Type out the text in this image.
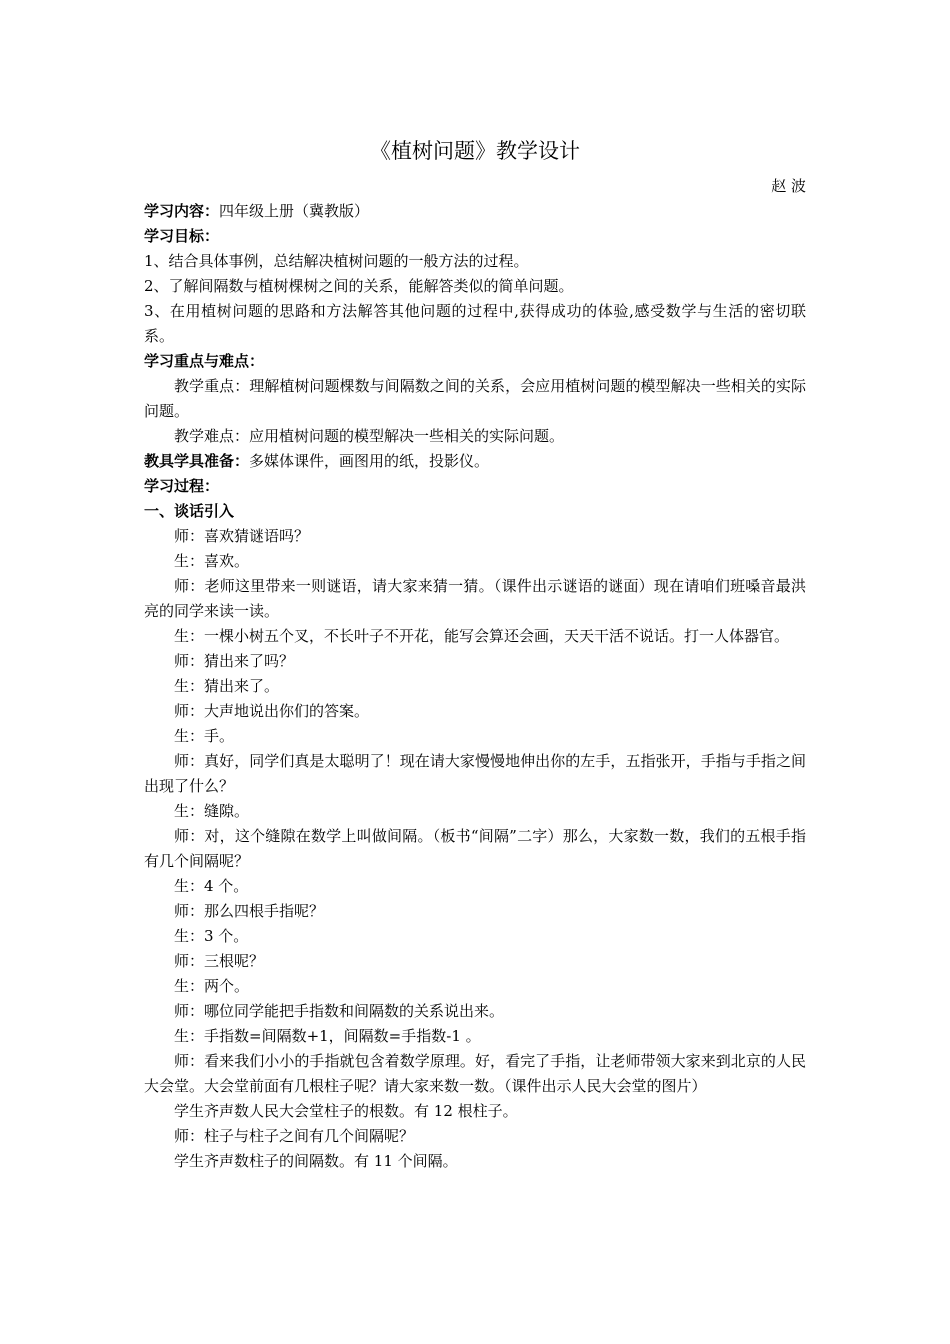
《植树问题》教学设计
赵 波
学习内容：四年级上册（冀教版）
学习目标：
1、结合具体事例，总结解决植树问题的一般方法的过程。
2、了解间隔数与植树棵树之间的关系，能解答类似的简单问题。
3、在用植树问题的思路和方法解答其他问题的过程中,获得成功的体验,感受数学与生活的密切联系。
学习重点与难点：
教学重点：理解植树问题棵数与间隔数之间的关系，会应用植树问题的模型解决一些相关的实际问题。
教学难点：应用植树问题的模型解决一些相关的实际问题。
教具学具准备：多媒体课件，画图用的纸，投影仪。
学习过程：
一、谈话引入
师：喜欢猜谜语吗？
生：喜欢。
师：老师这里带来一则谜语，请大家来猜一猜。（课件出示谜语的谜面）现在请咱们班嗓音最洪亮的同学来读一读。
生：一棵小树五个叉，不长叶子不开花，能写会算还会画，天天干活不说话。打一人体器官。
师：猜出来了吗？
生：猜出来了。
师：大声地说出你们的答案。
生：手。
师：真好，同学们真是太聪明了！现在请大家慢慢地伸出你的左手，五指张开，手指与手指之间出现了什么？
生：缝隙。
师：对，这个缝隙在数学上叫做间隔。（板书“间隔”二字）那么，大家数一数，我们的五根手指有几个间隔呢？
生：4 个。
师：那么四根手指呢？
生：3 个。
师：三根呢？
生：两个。
师：哪位同学能把手指数和间隔数的关系说出来。
生：手指数=间隔数+1，间隔数=手指数-1 。
师：看来我们小小的手指就包含着数学原理。好，看完了手指，让老师带领大家来到北京的人民大会堂。大会堂前面有几根柱子呢？请大家来数一数。（课件出示人民大会堂的图片）
学生齐声数人民大会堂柱子的根数。有 12 根柱子。
师：柱子与柱子之间有几个间隔呢？
学生齐声数柱子的间隔数。有 11 个间隔。
